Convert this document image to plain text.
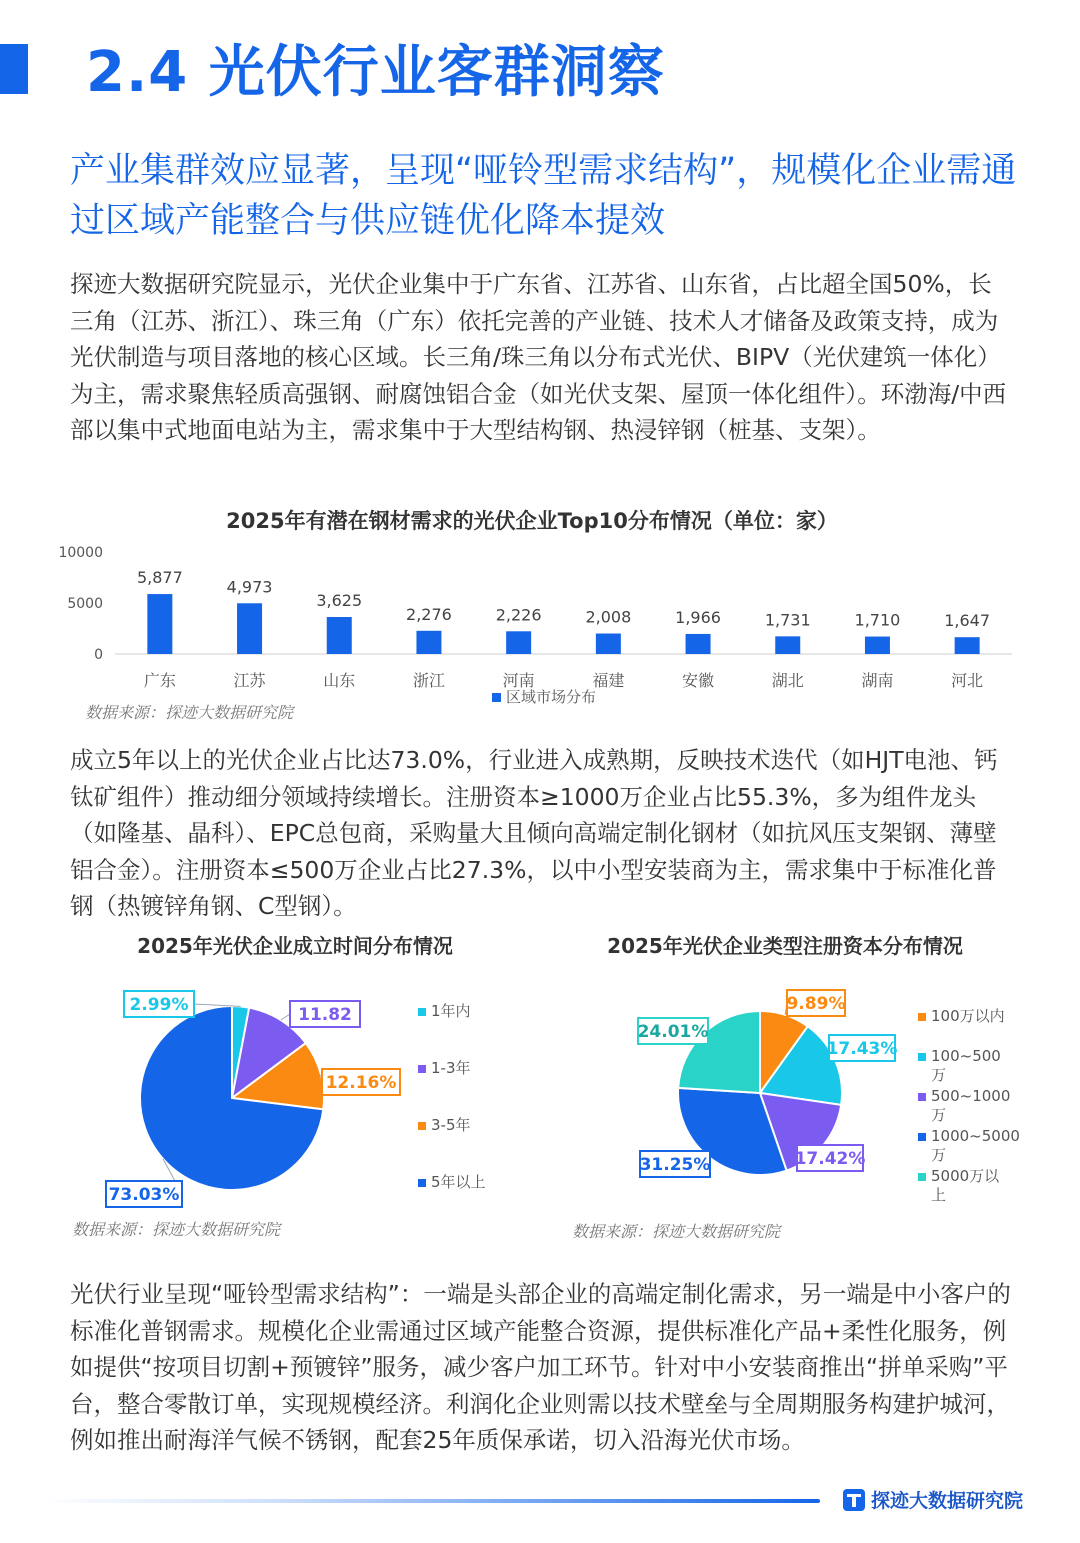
2.4 光伏行业客群洞察
产业集群效应显著，呈现“哑铃型需求结构”，规模化企业需通过区域产能整合与供应链优化降本提效
探迹大数据研究院显示，光伏企业集中于广东省、江苏省、山东省，占比超全国50%，长三角（江苏、浙江）、珠三角（广东）依托完善的产业链、技术人才储备及政策支持，成为光伏制造与项目落地的核心区域。长三角/珠三角以分布式光伏、BIPV（光伏建筑一体化）为主，需求聚焦轻质高强钢、耐腐蚀铝合金（如光伏支架、屋顶一体化组件）。环渤海/中西部以集中式地面电站为主，需求集中于大型结构钢、热浸锌钢（桩基、支架）。
2025年有潜在钢材需求的光伏企业Top10分布情况（单位：家）
0
5000
10000
5,877
广东
4,973
江苏
3,625
山东
2,276
浙江
2,226
河南
2,008
福建
1,966
安徽
1,731
湖北
1,710
湖南
1,647
河北
区域市场分布
数据来源：探迹大数据研究院
成立5年以上的光伏企业占比达73.0%，行业进入成熟期，反映技术迭代（如HJT电池、钙钛矿组件）推动细分领域持续增长。注册资本≥1000万企业占比55.3%，多为组件龙头（如隆基、晶科）、EPC总包商，采购量大且倾向高端定制化钢材（如抗风压支架钢、薄壁铝合金）。注册资本≤500万企业占比27.3%，以中小型安装商为主，需求集中于标准化普钢（热镀锌角钢、C型钢）。
2025年光伏企业成立时间分布情况
2.99%	11.82
12.16%
73.03%
1年内
1-3年
3-5年
5年以上
数据来源：探迹大数据研究院
2025年光伏企业类型注册资本分布情况
9.89%
17.43%
17.42%
31.25%
24.01%
100万以内
100~500
万
500~1000
万
1000~5000
万
5000万以
上
数据来源：探迹大数据研究院
光伏行业呈现“哑铃型需求结构”：一端是头部企业的高端定制化需求，另一端是中小客户的标准化普钢需求。规模化企业需通过区域产能整合资源，提供标准化产品+柔性化服务，例如提供“按项目切割+预镀锌”服务，减少客户加工环节。针对中小安装商推出“拼单采购”平台，整合零散订单，实现规模经济。利润化企业则需以技术壁垒与全周期服务构建护城河，例如推出耐海洋气候不锈钢，配套25年质保承诺，切入沿海光伏市场。
探迹大数据研究院
